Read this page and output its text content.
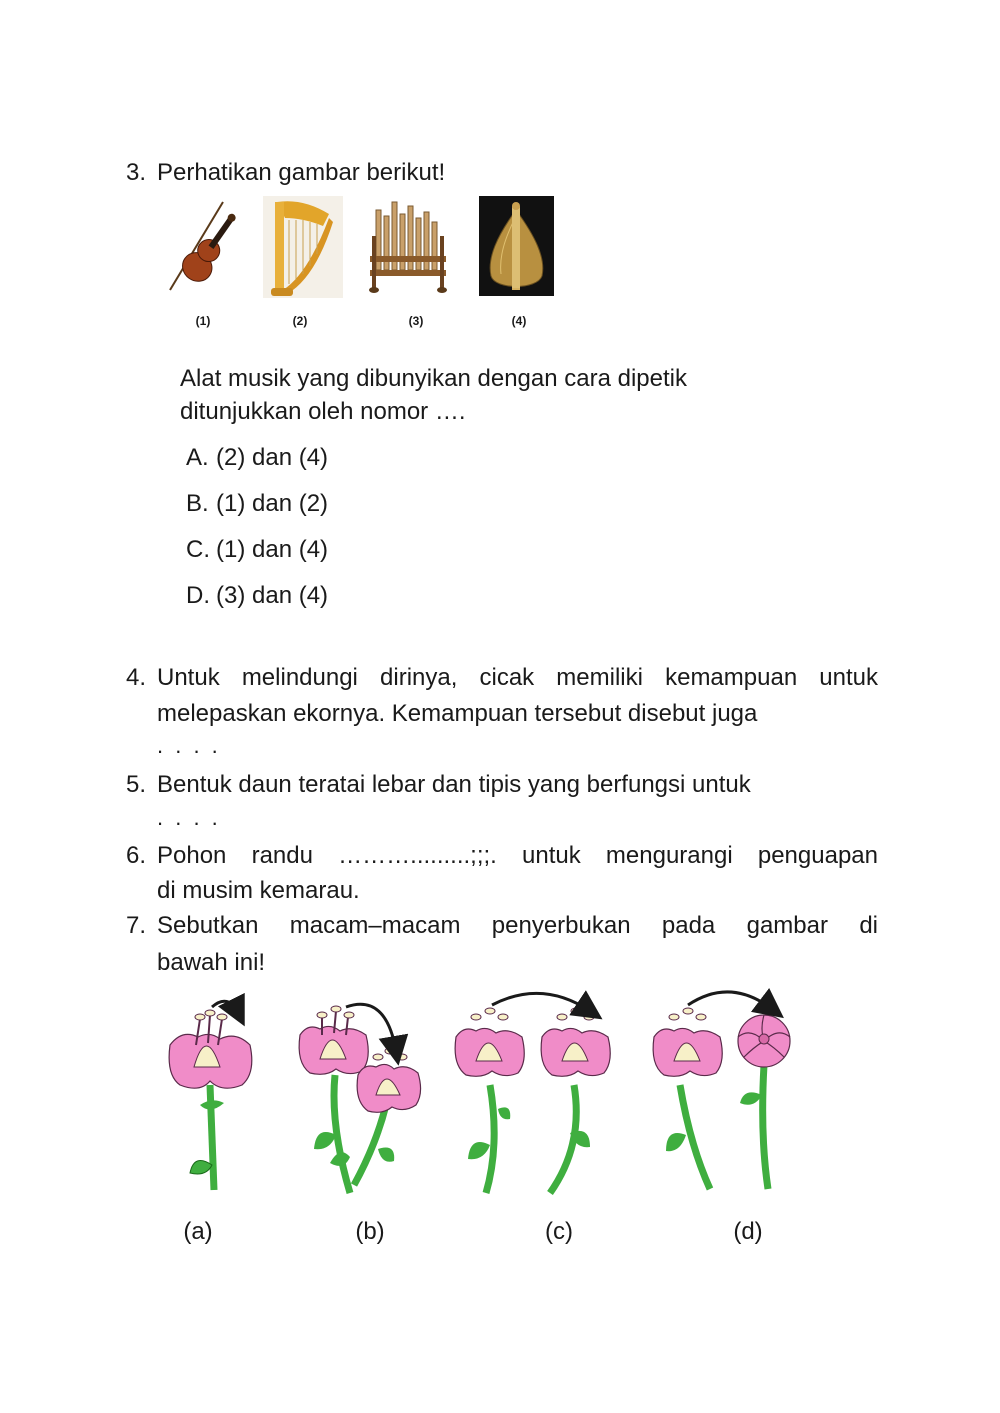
3. Perhatikan gambar berikut!
(1)	(2)	(3)	(4)
Alat musik yang dibunyikan dengan cara dipetik
ditunjukkan oleh nomor ….
A. (2) dan (4)
B. (1) dan (2)
C. (1) dan (4)
D. (3) dan (4)
4. Untuk melindungi dirinya, cicak memiliki kemampuan untuk
melepaskan ekornya. Kemampuan tersebut disebut juga
. . . .
5. Bentuk daun teratai lebar dan tipis yang berfungsi untuk
. . . .
6. Pohon randu ……….........;;;. untuk mengurangi penguapan
di musim kemarau.
7. Sebutkan macam–macam penyerbukan pada gambar di
bawah ini!
(a)	(b)	(c)	(d)
